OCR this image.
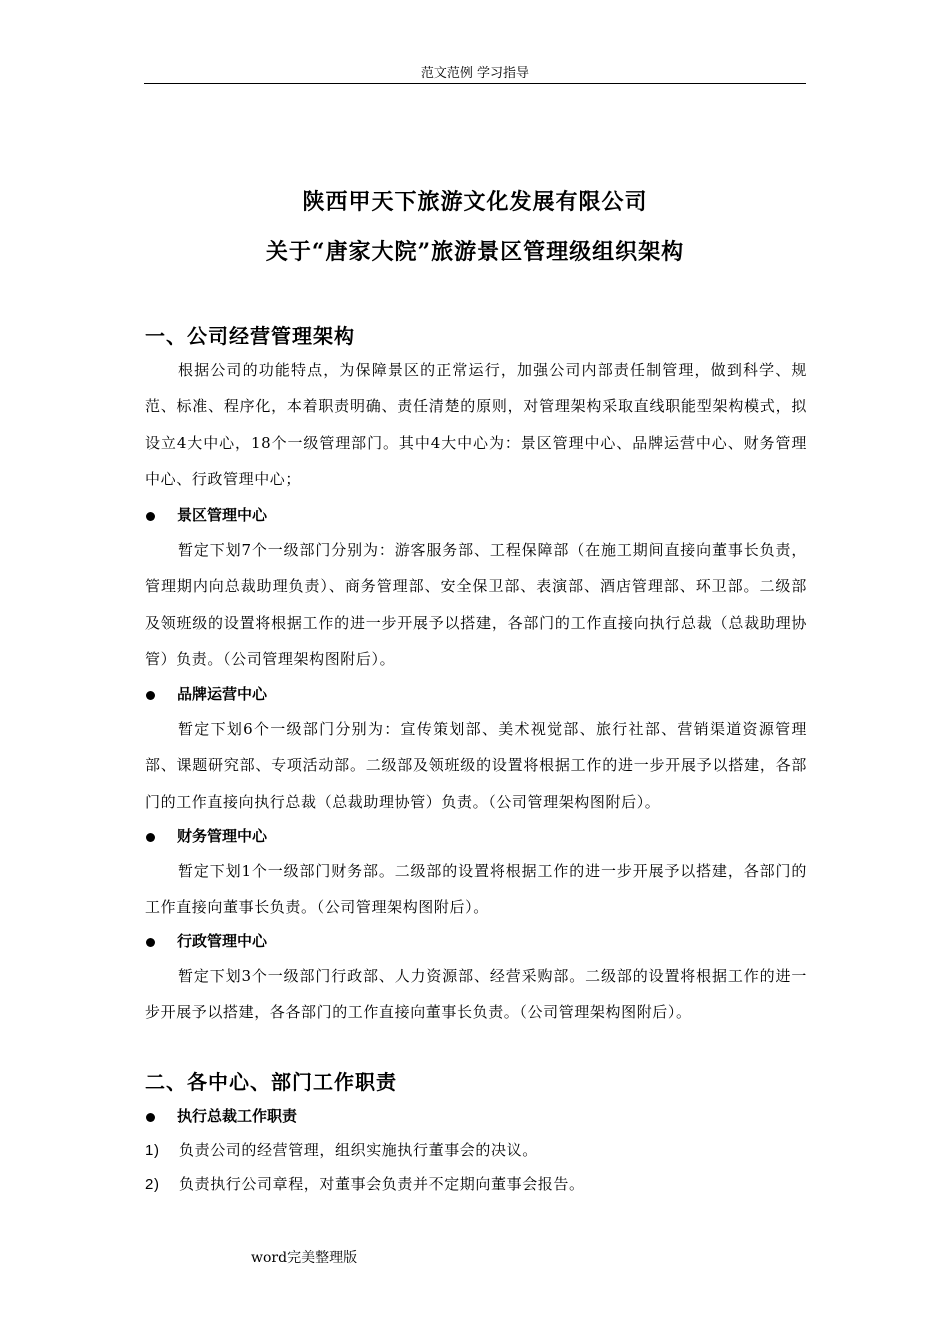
范文范例 学习指导
陕西甲天下旅游文化发展有限公司
关于“唐家大院”旅游景区管理级组织架构
一、公司经营管理架构
根据公司的功能特点，为保障景区的正常运行，加强公司内部责任制管理，做到科学、规范、标准、程序化，本着职责明确、责任清楚的原则，对管理架构采取直线职能型架构模式，拟设立4大中心，18个一级管理部门。其中4大中心为：景区管理中心、品牌运营中心、财务管理中心、行政管理中心；
景区管理中心
暂定下划7个一级部门分别为：游客服务部、工程保障部（在施工期间直接向董事长负责，管理期内向总裁助理负责）、商务管理部、安全保卫部、表演部、酒店管理部、环卫部。二级部及领班级的设置将根据工作的进一步开展予以搭建，各部门的工作直接向执行总裁（总裁助理协管）负责。（公司管理架构图附后）。
品牌运营中心
暂定下划6个一级部门分别为：宣传策划部、美术视觉部、旅行社部、营销渠道资源管理部、课题研究部、专项活动部。二级部及领班级的设置将根据工作的进一步开展予以搭建，各部门的工作直接向执行总裁（总裁助理协管）负责。（公司管理架构图附后）。
财务管理中心
暂定下划1个一级部门财务部。二级部的设置将根据工作的进一步开展予以搭建，各部门的工作直接向董事长负责。（公司管理架构图附后）。
行政管理中心
暂定下划3个一级部门行政部、人力资源部、经营采购部。二级部的设置将根据工作的进一步开展予以搭建，各各部门的工作直接向董事长负责。（公司管理架构图附后）。
二、各中心、部门工作职责
执行总裁工作职责
1) 负责公司的经营管理，组织实施执行董事会的决议。
2) 负责执行公司章程，对董事会负责并不定期向董事会报告。
word完美整理版
